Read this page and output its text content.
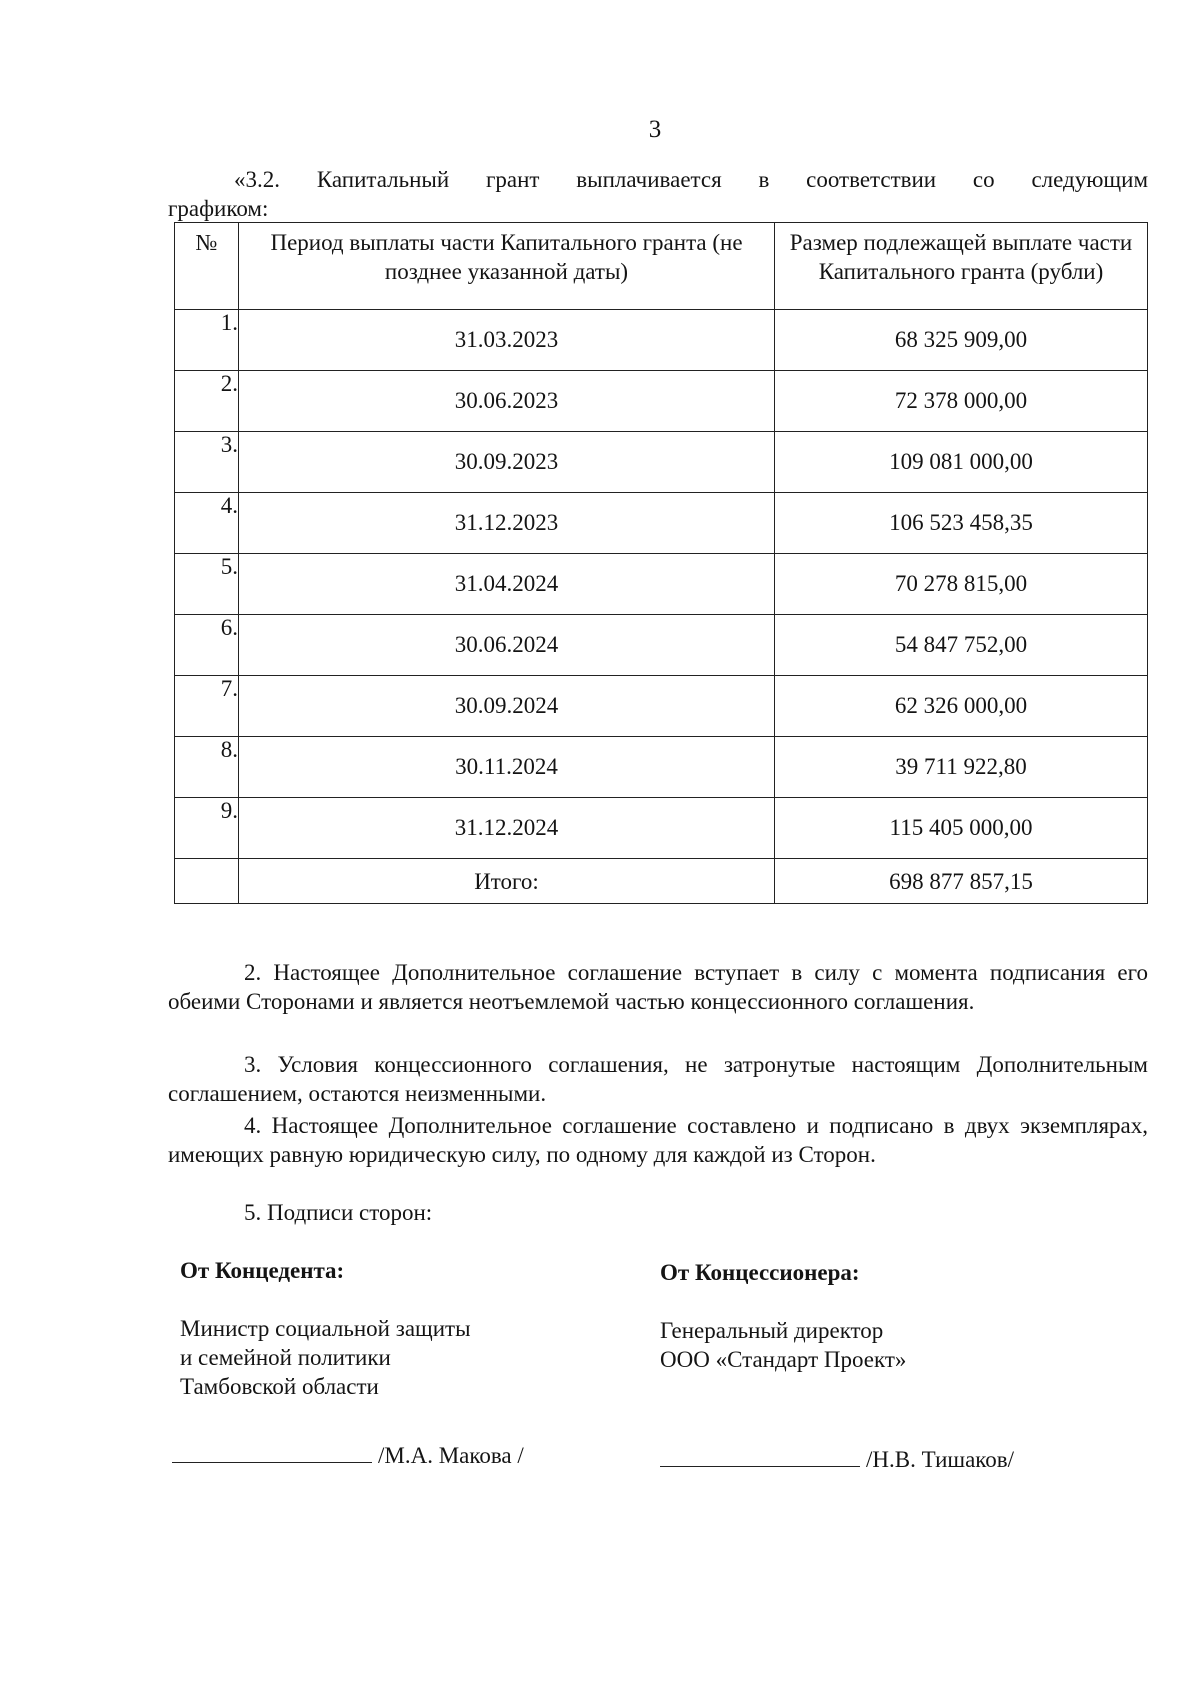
3
«3.2. Капитальный грант выплачивается в соответствии со следующим
графиком:
№	Период выплаты части Капитального гранта (не позднее указанной даты)	Размер подлежащей выплате части Капитального гранта (рубли)
1.	31.03.2023	68 325 909,00
2.	30.06.2023	72 378 000,00
3.	30.09.2023	109 081 000,00
4.	31.12.2023	106 523 458,35
5.	31.04.2024	70 278 815,00
6.	30.06.2024	54 847 752,00
7.	30.09.2024	62 326 000,00
8.	30.11.2024	39 711 922,80
9.	31.12.2024	115 405 000,00
	Итого:	698 877 857,15
2. Настоящее Дополнительное соглашение вступает в силу с момента подписания его обеими Сторонами и является неотъемлемой частью концессионного соглашения.
3. Условия концессионного соглашения, не затронутые настоящим Дополнительным соглашением, остаются неизменными.
4. Настоящее Дополнительное соглашение составлено и подписано в двух экземплярах, имеющих равную юридическую силу, по одному для каждой из Сторон.
5. Подписи сторон:
От Концедента:
Министр социальной защиты
и семейной политики
Тамбовской области
/М.А. Макова /
От Концессионера:
Генеральный директор
ООО «Стандарт Проект»
/Н.В. Тишаков/
